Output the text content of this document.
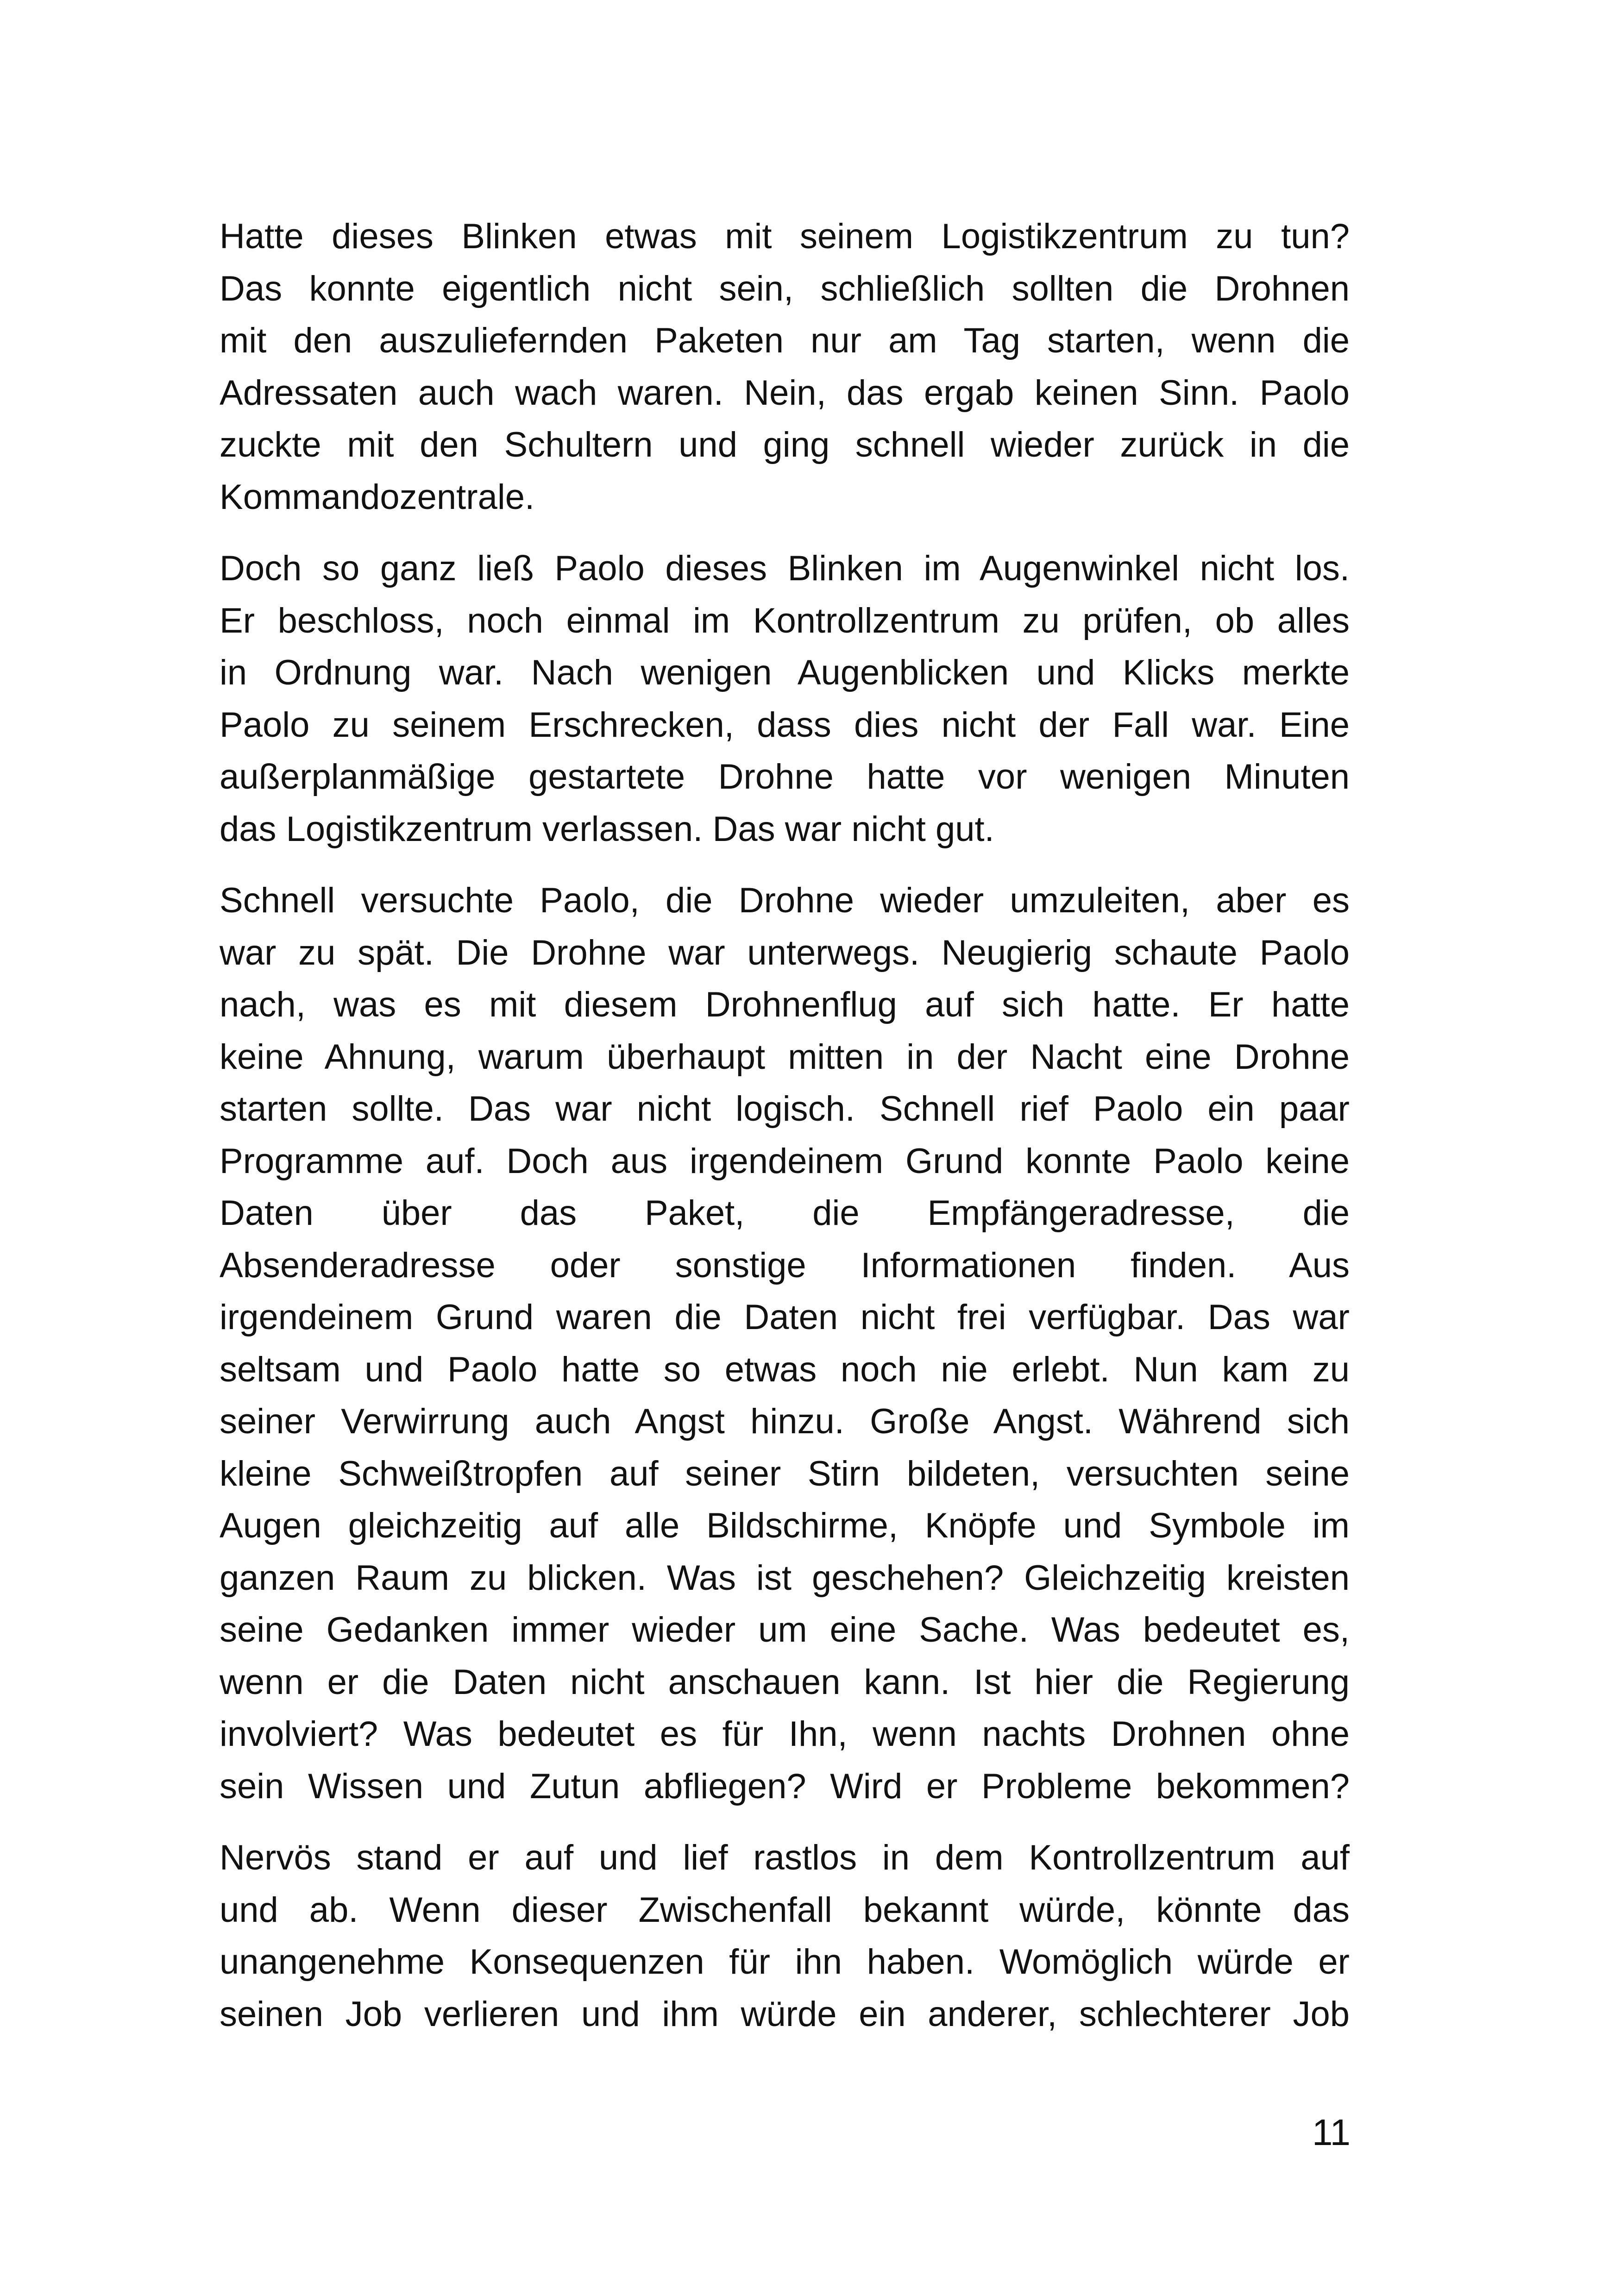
Hatte dieses Blinken etwas mit seinem Logistikzentrum zu tun?
Das konnte eigentlich nicht sein, schließlich sollten die Drohnen
mit den auszuliefernden Paketen nur am Tag starten, wenn die
Adressaten auch wach waren. Nein, das ergab keinen Sinn. Paolo
zuckte mit den Schultern und ging schnell wieder zurück in die
Kommandozentrale.
Doch so ganz ließ Paolo dieses Blinken im Augenwinkel nicht los.
Er beschloss, noch einmal im Kontrollzentrum zu prüfen, ob alles
in Ordnung war. Nach wenigen Augenblicken und Klicks merkte
Paolo zu seinem Erschrecken, dass dies nicht der Fall war. Eine
außerplanmäßige gestartete Drohne hatte vor wenigen Minuten
das Logistikzentrum verlassen. Das war nicht gut.
Schnell versuchte Paolo, die Drohne wieder umzuleiten, aber es
war zu spät. Die Drohne war unterwegs. Neugierig schaute Paolo
nach, was es mit diesem Drohnenflug auf sich hatte. Er hatte
keine Ahnung, warum überhaupt mitten in der Nacht eine Drohne
starten sollte. Das war nicht logisch. Schnell rief Paolo ein paar
Programme auf. Doch aus irgendeinem Grund konnte Paolo keine
Daten über das Paket, die Empfängeradresse, die
Absenderadresse oder sonstige Informationen finden. Aus
irgendeinem Grund waren die Daten nicht frei verfügbar. Das war
seltsam und Paolo hatte so etwas noch nie erlebt. Nun kam zu
seiner Verwirrung auch Angst hinzu. Große Angst. Während sich
kleine Schweißtropfen auf seiner Stirn bildeten, versuchten seine
Augen gleichzeitig auf alle Bildschirme, Knöpfe und Symbole im
ganzen Raum zu blicken. Was ist geschehen? Gleichzeitig kreisten
seine Gedanken immer wieder um eine Sache. Was bedeutet es,
wenn er die Daten nicht anschauen kann. Ist hier die Regierung
involviert? Was bedeutet es für Ihn, wenn nachts Drohnen ohne
sein Wissen und Zutun abfliegen? Wird er Probleme bekommen?
Nervös stand er auf und lief rastlos in dem Kontrollzentrum auf
und ab. Wenn dieser Zwischenfall bekannt würde, könnte das
unangenehme Konsequenzen für ihn haben. Womöglich würde er
seinen Job verlieren und ihm würde ein anderer, schlechterer Job
11
